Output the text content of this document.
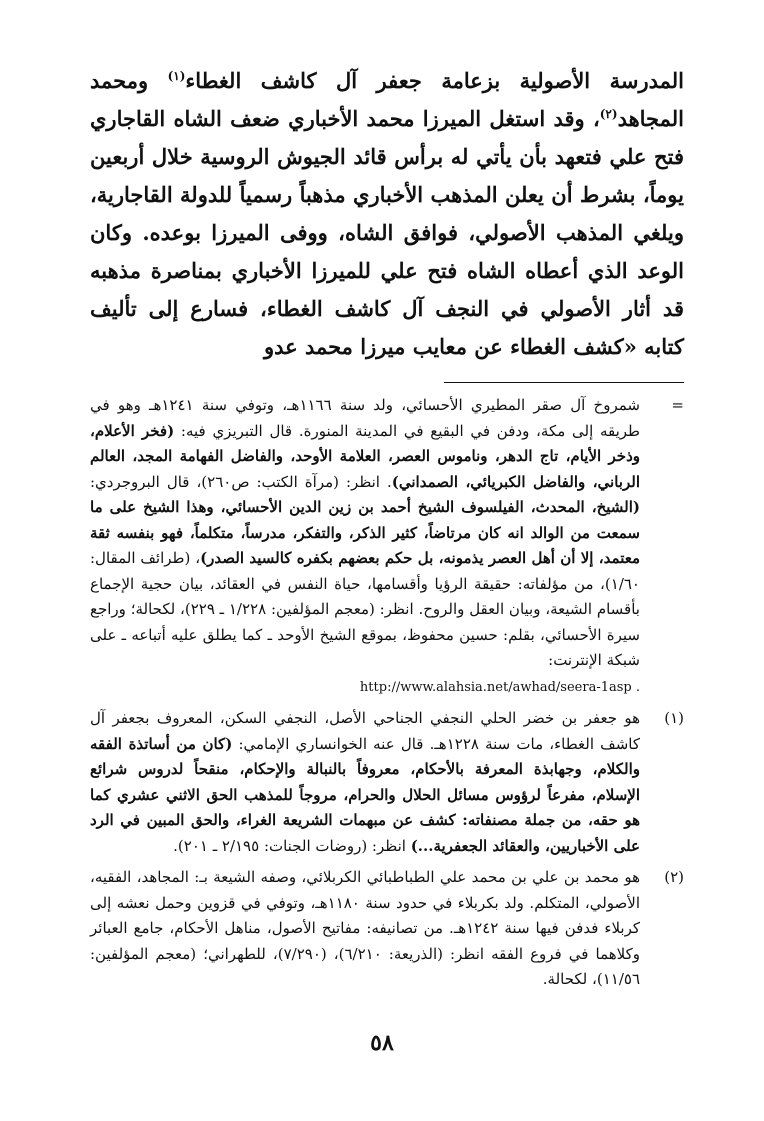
المدرسة الأصولية بزعامة جعفر آل كاشف الغطاء$^{(١)}$ ومحمد المجاهد$^{(٢)}$، وقد استغل الميرزا محمد الأخباري ضعف الشاه القاجاري فتح علي فتعهد بأن يأتي له برأس قائد الجيوش الروسية خلال أربعين يوماً، بشرط أن يعلن المذهب الأخباري مذهباً رسمياً للدولة القاجارية، ويلغي المذهب الأصولي، فوافق الشاه، ووفى الميرزا بوعده. وكان الوعد الذي أعطاه الشاه فتح علي للميرزا الأخباري بمناصرة مذهبه قد أثار الأصولي في النجف آل كاشف الغطاء، فسارع إلى تأليف كتابه «كشف الغطاء عن معايب ميرزا محمد عدو

=
شمروخ آل صقر المطيري الأحسائي، ولد سنة ١١٦٦هـ، وتوفي سنة ١٢٤١هـ وهو في طريقه إلى مكة، ودفن في البقيع في المدينة المنورة. قال التبريزي فيه: (فخر الأعلام، وذخر الأيام، تاج الدهر، وناموس العصر، العلامة الأوحد، والفاضل الفهامة المجد، العالم الرباني، والفاضل الكبريائي، الصمداني). انظر: (مرآة الكتب: ص٢٦٠)، قال البروجردي: (الشيخ، المحدث، الفيلسوف الشيخ أحمد بن زين الدين الأحسائي، وهذا الشيخ على ما سمعت من الوالد انه كان مرتاضاً، كثير الذكر، والتفكر، مدرساً، متكلماً، فهو بنفسه ثقة معتمد، إلا أن أهل العصر يذمونه، بل حكم بعضهم بكفره كالسيد الصدر)، (طرائف المقال: ١/٦٠)، من مؤلفاته: حقيقة الرؤيا وأقسامها، حياة النفس في العقائد، بيان حجية الإجماع بأقسام الشيعة، وبيان العقل والروح. انظر: (معجم المؤلفين: ١/٢٢٨ ـ ٢٢٩)، لكحالة؛ وراجع سيرة الأحسائي، بقلم: حسين محفوظ، بموقع الشيخ الأوحد ـ كما يطلق عليه أتباعه ـ على شبكة الإنترنت:
http://www.alahsia.net/awhad/seera-1asp .
(١)
هو جعفر بن خضر الحلي النجفي الجناحي الأصل، النجفي السكن، المعروف بجعفر آل كاشف الغطاء، مات سنة ١٢٢٨هـ. قال عنه الخوانساري الإمامي: (كان من أساتذة الفقه والكلام، وجهابذة المعرفة بالأحكام، معروفاً بالنبالة والإحكام، منقحاً لدروس شرائع الإسلام، مفرعاً لرؤوس مسائل الحلال والحرام، مروجاً للمذهب الحق الاثني عشري كما هو حقه، من جملة مصنفاته: كشف عن مبهمات الشريعة الغراء، والحق المبين في الرد على الأخباريين، والعقائد الجعفرية...) انظر: (روضات الجنات: ٢/١٩٥ ـ ٢٠١).
(٢)
هو محمد بن علي بن محمد علي الطباطبائي الكربلائي، وصفه الشيعة بـ: المجاهد، الفقيه، الأصولي، المتكلم. ولد بكربلاء في حدود سنة ١١٨٠هـ، وتوفي في قزوين وحمل نعشه إلى كربلاء فدفن فيها سنة ١٢٤٢هـ. من تصانيفه: مفاتيح الأصول، مناهل الأحكام، جامع العبائر وكلاهما في فروع الفقه انظر: (الذريعة: ٦/٢١٠)، (٧/٢٩٠)، للطهراني؛ (معجم المؤلفين: ١١/٥٦)، لكحالة.
٥٨
